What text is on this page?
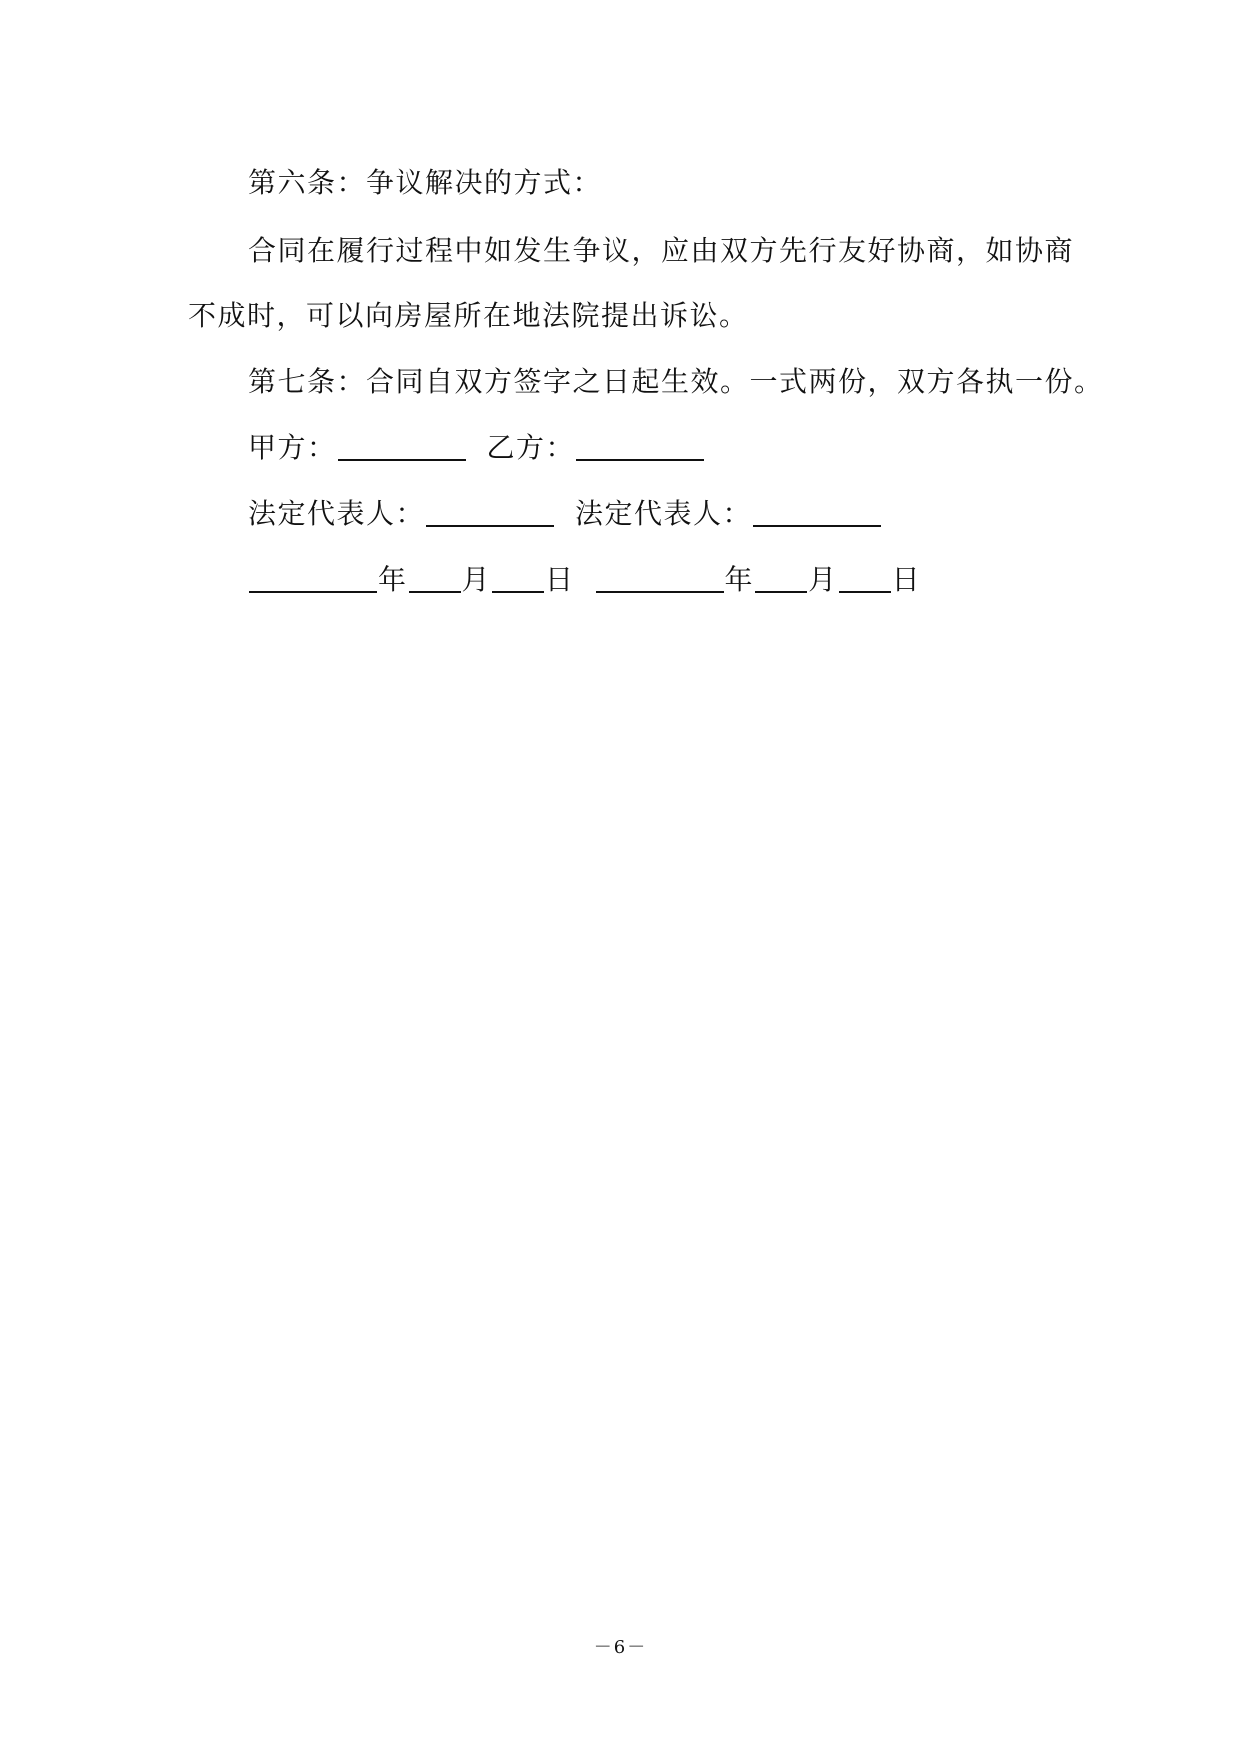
第六条：争议解决的方式：
合同在履行过程中如发生争议，应由双方先行友好协商，如协商
不成时，可以向房屋所在地法院提出诉讼。
第七条：合同自双方签字之日起生效。一式两份，双方各执一份。
甲方：	乙方：
法定代表人：	法定代表人：
年 月 日	年 月 日
－6－
